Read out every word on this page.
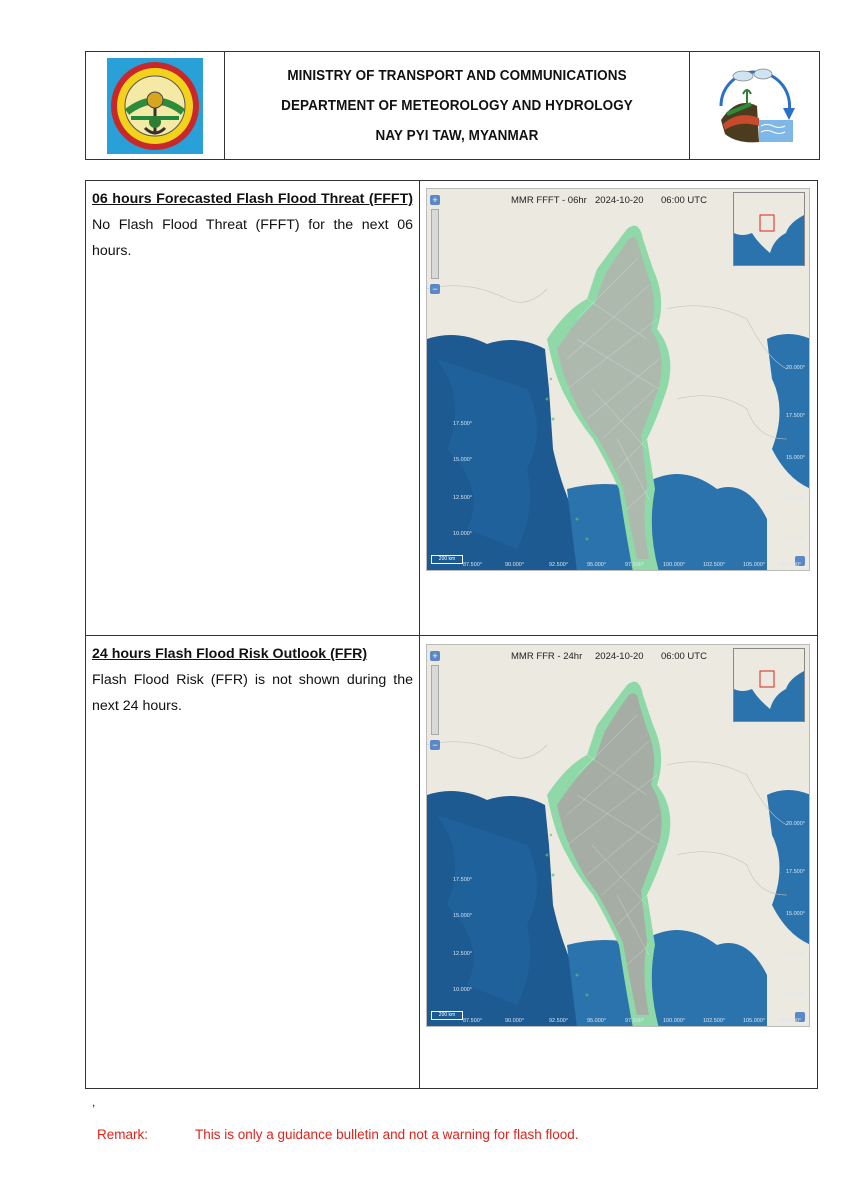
MINISTRY OF TRANSPORT AND COMMUNICATIONS
DEPARTMENT OF METEOROLOGY AND HYDROLOGY
NAY PYI TAW, MYANMAR
06 hours Forecasted Flash Flood Threat (FFFT)
No Flash Flood Threat (FFFT) for the next 06 hours.
MMR FFFT - 06hr 2024-10-20 06:00 UTC
+
−
200 km
17.500°
15.000°
12.500°
10.000°
20.000°
17.500°
15.000°
12.500°
10.000°
87.500°	90.000°	92.500°	95.000°	97.500°	100.000°	102.500°	105.000°	107.500°
24 hours Flash Flood Risk Outlook (FFR)
Flash Flood Risk (FFR) is not shown during the next 24 hours.
MMR FFR - 24hr 2024-10-20 06:00 UTC
+
−
200 km
17.500°
15.000°
12.500°
10.000°
20.000°
17.500°
15.000°
12.500°
10.000°
87.500°	90.000°	92.500°	95.000°	97.500°	100.000°	102.500°	105.000°	107.500°
,
Remark:	This is only a guidance bulletin and not a warning for flash flood.
